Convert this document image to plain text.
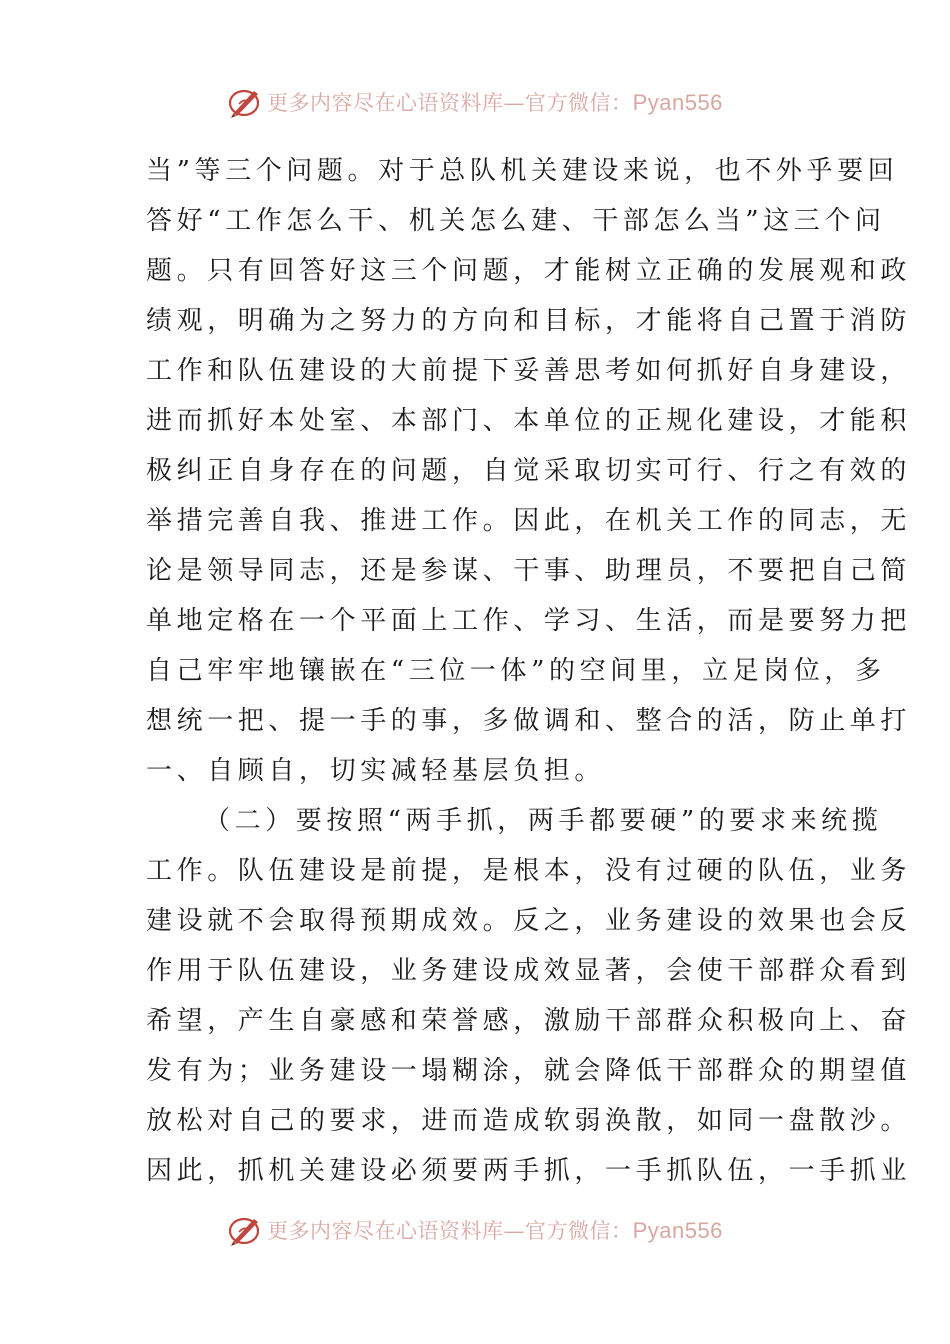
更多内容尽在心语资料库—官方微信：Pyan556
当”等三个问题。对于总队机关建设来说，也不外乎要回
答好“工作怎么干、机关怎么建、干部怎么当”这三个问
题。只有回答好这三个问题，才能树立正确的发展观和政
绩观，明确为之努力的方向和目标，才能将自己置于消防
工作和队伍建设的大前提下妥善思考如何抓好自身建设，
进而抓好本处室、本部门、本单位的正规化建设，才能积
极纠正自身存在的问题，自觉采取切实可行、行之有效的
举措完善自我、推进工作。因此，在机关工作的同志，无
论是领导同志，还是参谋、干事、助理员，不要把自己简
单地定格在一个平面上工作、学习、生活，而是要努力把
自己牢牢地镶嵌在“三位一体”的空间里，立足岗位，多
想统一把、提一手的事，多做调和、整合的活，防止单打
一、自顾自，切实减轻基层负担。
（二）要按照“两手抓，两手都要硬”的要求来统揽
工作。队伍建设是前提，是根本，没有过硬的队伍，业务
建设就不会取得预期成效。反之，业务建设的效果也会反
作用于队伍建设，业务建设成效显著，会使干部群众看到
希望，产生自豪感和荣誉感，激励干部群众积极向上、奋
发有为；业务建设一塌糊涂，就会降低干部群众的期望值
放松对自己的要求，进而造成软弱涣散，如同一盘散沙。
因此，抓机关建设必须要两手抓，一手抓队伍，一手抓业
更多内容尽在心语资料库—官方微信：Pyan556
